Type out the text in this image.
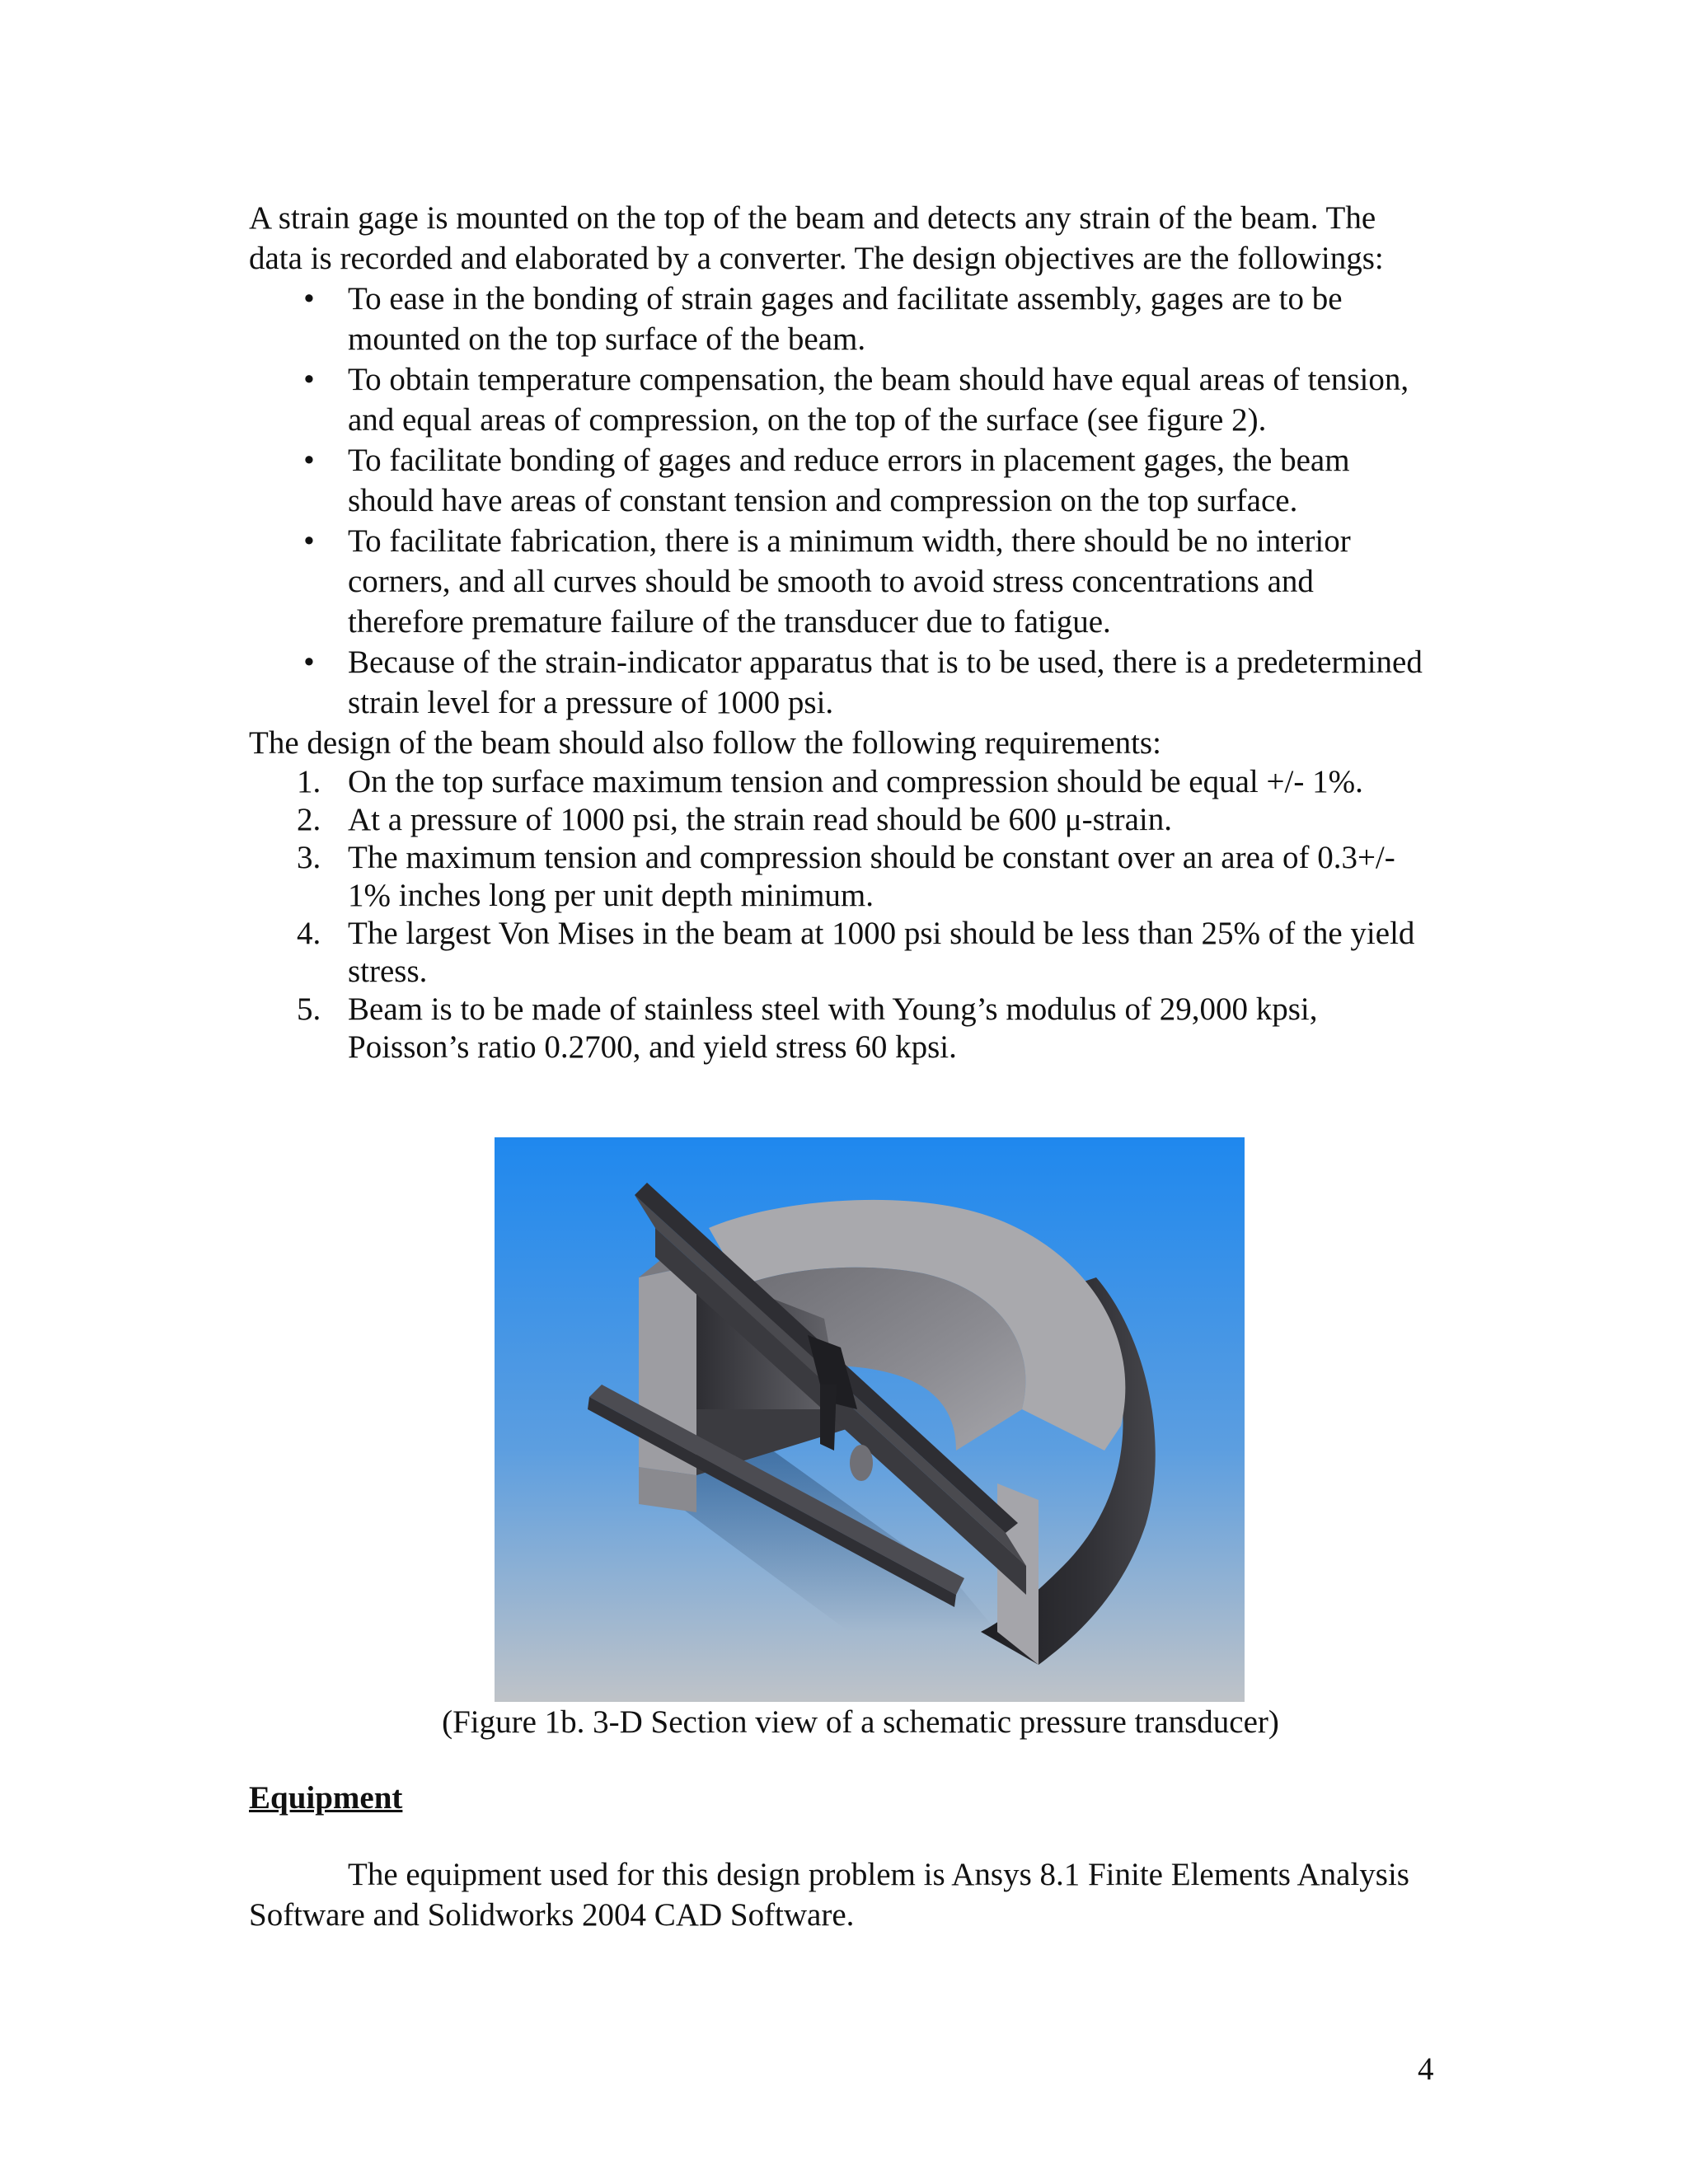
A strain gage is mounted on the top of the beam and detects any strain of the beam. The data is recorded and elaborated by a converter. The design objectives are the followings:

• To ease in the bonding of strain gages and facilitate assembly, gages are to be mounted on the top surface of the beam.
• To obtain temperature compensation, the beam should have equal areas of tension, and equal areas of compression, on the top of the surface (see figure 2).
• To facilitate bonding of gages and reduce errors in placement gages, the beam should have areas of constant tension and compression on the top surface.
• To facilitate fabrication, there is a minimum width, there should be no interior corners, and all curves should be smooth to avoid stress concentrations and therefore premature failure of the transducer due to fatigue.
• Because of the strain-indicator apparatus that is to be used, there is a predetermined strain level for a pressure of 1000 psi.

The design of the beam should also follow the following requirements:

1. On the top surface maximum tension and compression should be equal +/- 1%.
2. At a pressure of 1000 psi, the strain read should be 600 μ-strain.
3. The maximum tension and compression should be constant over an area of 0.3+/- 1% inches long per unit depth minimum.
4. The largest Von Mises in the beam at 1000 psi should be less than 25% of the yield stress.
5. Beam is to be made of stainless steel with Young’s modulus of 29,000 kpsi, Poisson’s ratio 0.2700, and yield stress 60 kpsi.
(Figure 1b. 3-D Section view of a schematic pressure transducer)
Equipment

The equipment used for this design problem is Ansys 8.1 Finite Elements Analysis Software and Solidworks 2004 CAD Software.

4
